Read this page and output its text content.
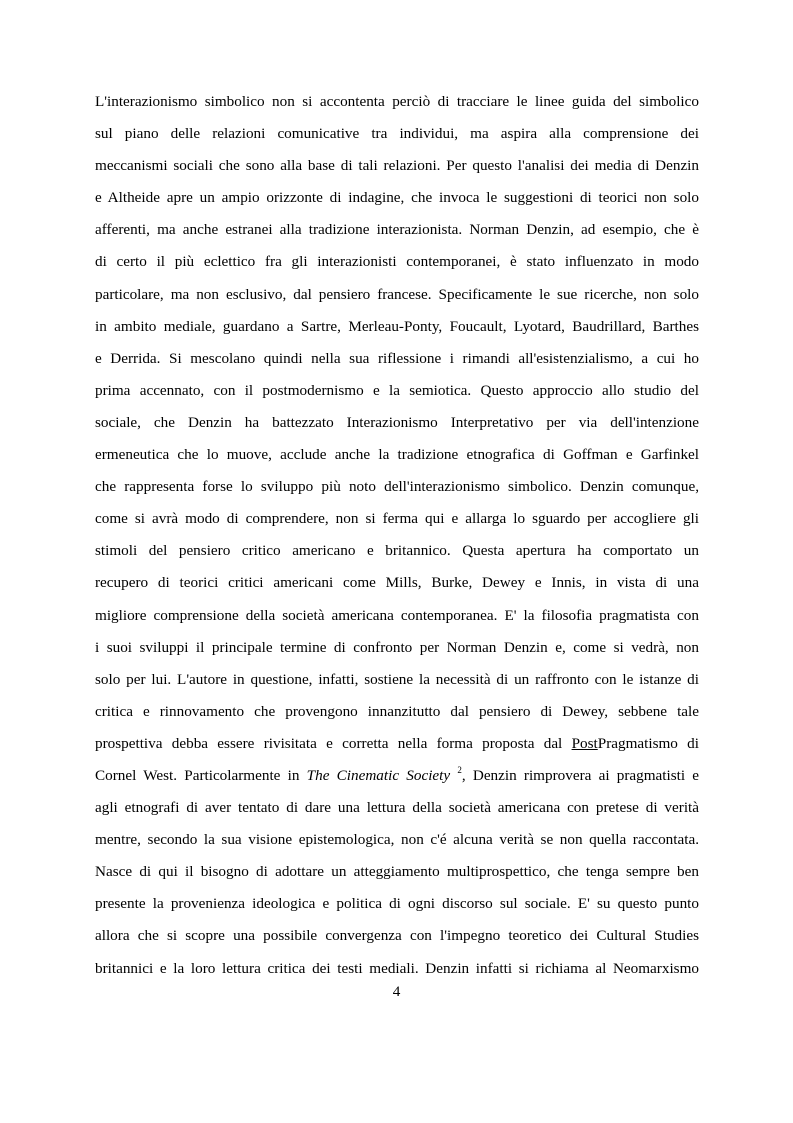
L'interazionismo simbolico non si accontenta perciò di tracciare le linee guida del simbolico
sul piano delle relazioni comunicative tra individui, ma aspira alla comprensione dei
meccanismi sociali che sono alla base di tali relazioni. Per questo l'analisi dei media di Denzin
e Altheide apre un ampio orizzonte di indagine, che invoca le suggestioni di teorici non solo
afferenti, ma anche estranei alla tradizione interazionista. Norman Denzin, ad esempio, che è
di certo il più eclettico fra gli interazionisti contemporanei, è stato influenzato in modo
particolare, ma non esclusivo, dal pensiero francese. Specificamente le sue ricerche, non solo
in ambito mediale, guardano a Sartre, Merleau-Ponty, Foucault, Lyotard, Baudrillard, Barthes
e Derrida. Si mescolano quindi nella sua riflessione i rimandi all'esistenzialismo, a cui ho
prima accennato, con il postmodernismo e la semiotica. Questo approccio allo studio del
sociale, che Denzin ha battezzato Interazionismo Interpretativo per via dell'intenzione
ermeneutica che lo muove, acclude anche la tradizione etnografica di Goffman e Garfinkel
che rappresenta forse lo sviluppo più noto dell'interazionismo simbolico. Denzin comunque,
come si avrà modo di comprendere, non si ferma qui e allarga lo sguardo per accogliere gli
stimoli del pensiero critico americano e britannico. Questa apertura ha comportato un
recupero di teorici critici americani come Mills, Burke, Dewey e Innis, in vista di una
migliore comprensione della società americana contemporanea. E' la filosofia pragmatista con
i suoi sviluppi il principale termine di confronto per Norman Denzin e, come si vedrà, non
solo per lui. L'autore in questione, infatti, sostiene la necessità di un raffronto con le istanze di
critica e rinnovamento che provengono innanzitutto dal pensiero di Dewey, sebbene tale
prospettiva debba essere rivisitata e corretta nella forma proposta dal PostPragmatismo di
Cornel West. Particolarmente in The Cinematic Society $^2$, Denzin rimprovera ai pragmatisti e
agli etnografi di aver tentato di dare una lettura della società americana con pretese di verità
mentre, secondo la sua visione epistemologica, non c'é alcuna verità se non quella raccontata.
Nasce di qui il bisogno di adottare un atteggiamento multiprospettico, che tenga sempre ben
presente la provenienza ideologica e politica di ogni discorso sul sociale. E' su questo punto
allora che si scopre una possibile convergenza con l'impegno teoretico dei Cultural Studies
britannici e la loro lettura critica dei testi mediali. Denzin infatti si richiama al Neomarxismo
4
